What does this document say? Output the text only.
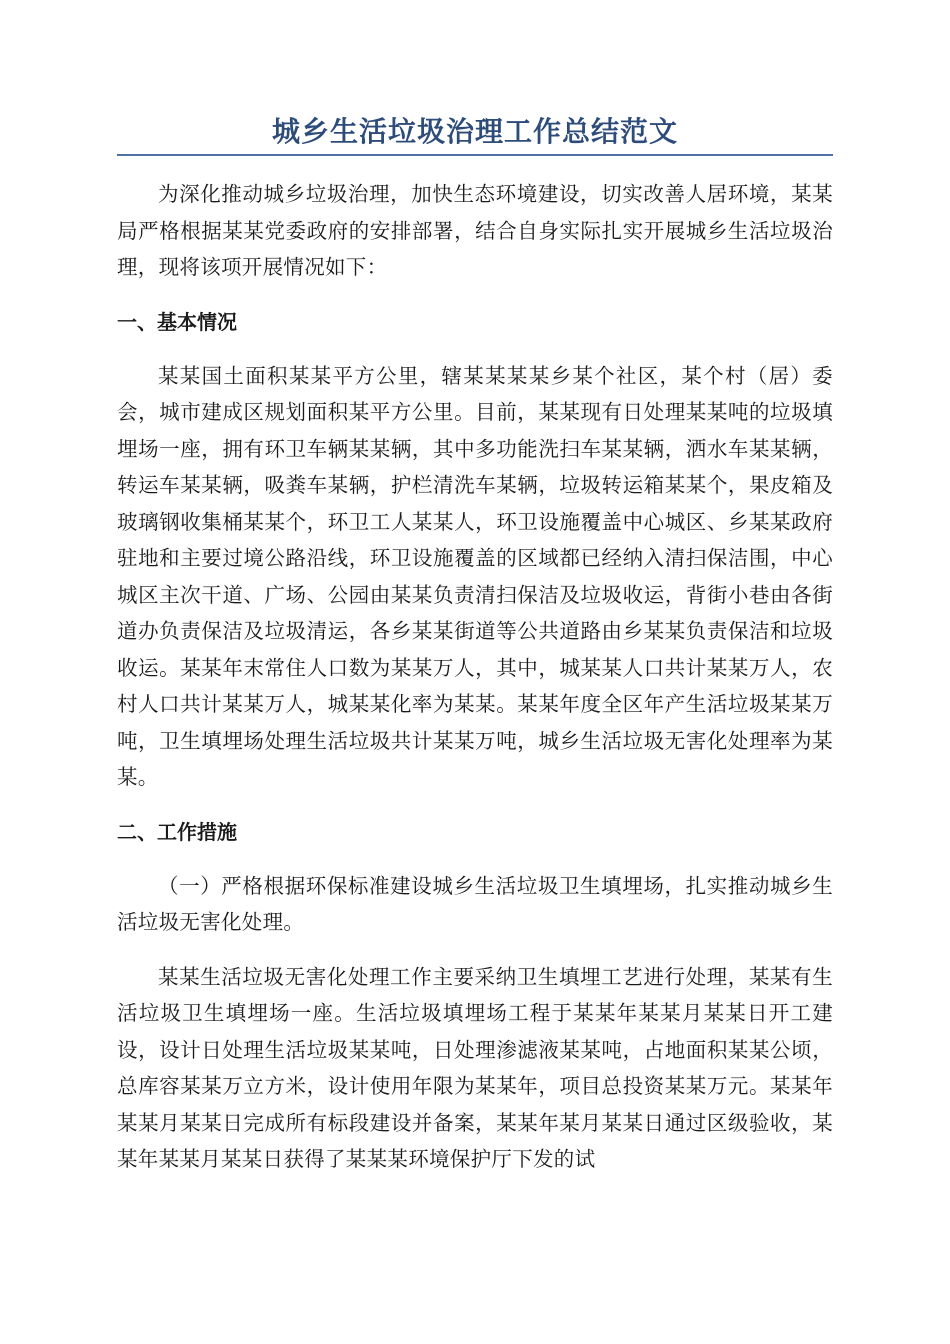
城乡生活垃圾治理工作总结范文

为深化推动城乡垃圾治理，加快生态环境建设，切实改善人居环境，某某局严格根据某某党委政府的安排部署，结合自身实际扎实开展城乡生活垃圾治理，现将该项开展情况如下：

一、基本情况

某某国土面积某某平方公里，辖某某某某乡某个社区，某个村（居）委会，城市建成区规划面积某平方公里。目前，某某现有日处理某某吨的垃圾填埋场一座，拥有环卫车辆某某辆，其中多功能洗扫车某某辆，洒水车某某辆，转运车某某辆，吸粪车某辆，护栏清洗车某辆，垃圾转运箱某某个，果皮箱及玻璃钢收集桶某某个，环卫工人某某人，环卫设施覆盖中心城区、乡某某政府驻地和主要过境公路沿线，环卫设施覆盖的区域都已经纳入清扫保洁围，中心城区主次干道、广场、公园由某某负责清扫保洁及垃圾收运，背街小巷由各街道办负责保洁及垃圾清运，各乡某某街道等公共道路由乡某某负责保洁和垃圾收运。某某年末常住人口数为某某万人，其中，城某某人口共计某某万人，农村人口共计某某万人，城某某化率为某某。某某年度全区年产生活垃圾某某万吨，卫生填埋场处理生活垃圾共计某某万吨，城乡生活垃圾无害化处理率为某某。

二、工作措施

（一）严格根据环保标准建设城乡生活垃圾卫生填埋场，扎实推动城乡生活垃圾无害化处理。

某某生活垃圾无害化处理工作主要采纳卫生填埋工艺进行处理，某某有生活垃圾卫生填埋场一座。生活垃圾填埋场工程于某某年某某月某某日开工建设，设计日处理生活垃圾某某吨，日处理渗滤液某某吨，占地面积某某公顷，总库容某某万立方米，设计使用年限为某某年，项目总投资某某万元。某某年某某月某某日完成所有标段建设并备案，某某年某月某某日通过区级验收，某某年某某月某某日获得了某某某环境保护厅下发的试
